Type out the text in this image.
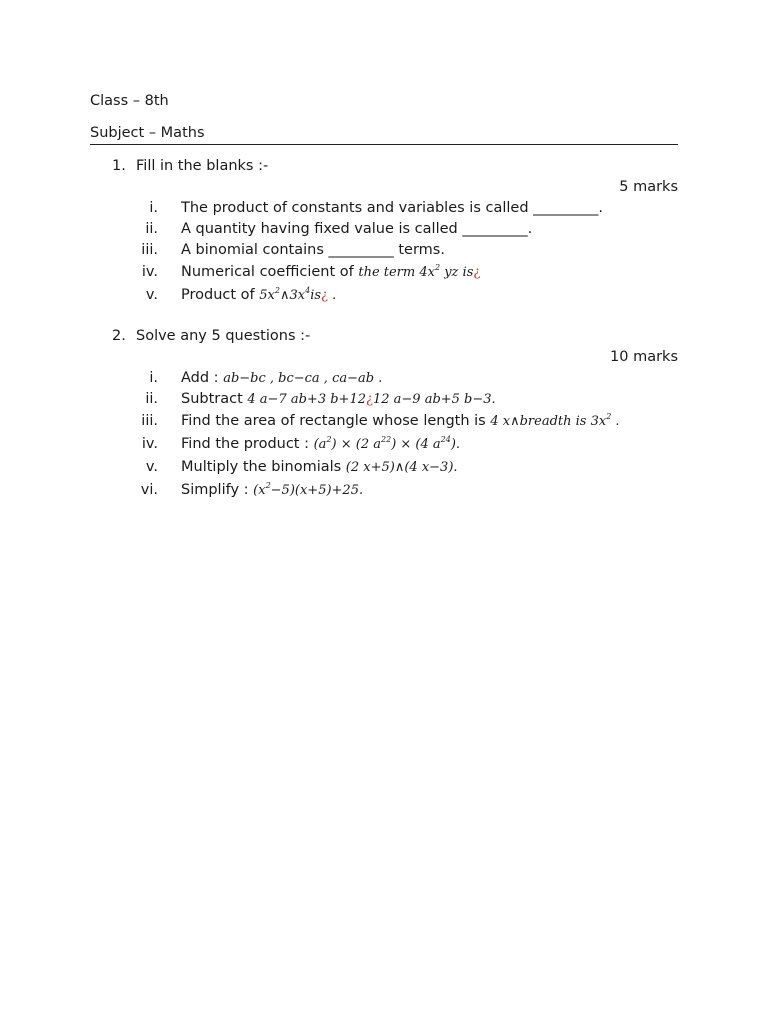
Class – 8th
Subject – Maths
1. Fill in the blanks :-
5 marks
i. The product of constants and variables is called _________.
ii. A quantity having fixed value is called _________.
iii. A binomial contains _________ terms.
iv. Numerical coefficient of the term $4x^2$ yz is¿
v. Product of $5x^2\wedge 3x^4is¿$ .
2. Solve any 5 questions :-
10 marks
i. Add : ab−bc , bc−ca , ca−ab .
ii. Subtract 4 a−7 ab+3 b+12¿12 a−9 ab+5 b−3.
iii. Find the area of rectangle whose length is 4 x∧breadth is $3x^2$ .
iv. Find the product : $(a^2) \times (2$ $a^{22}) \times (4$ $a^{24}$).
v. Multiply the binomials (2 x+5)∧(4 x−3).
vi. Simplify : $(x^2-5)(x+5)+25$.
